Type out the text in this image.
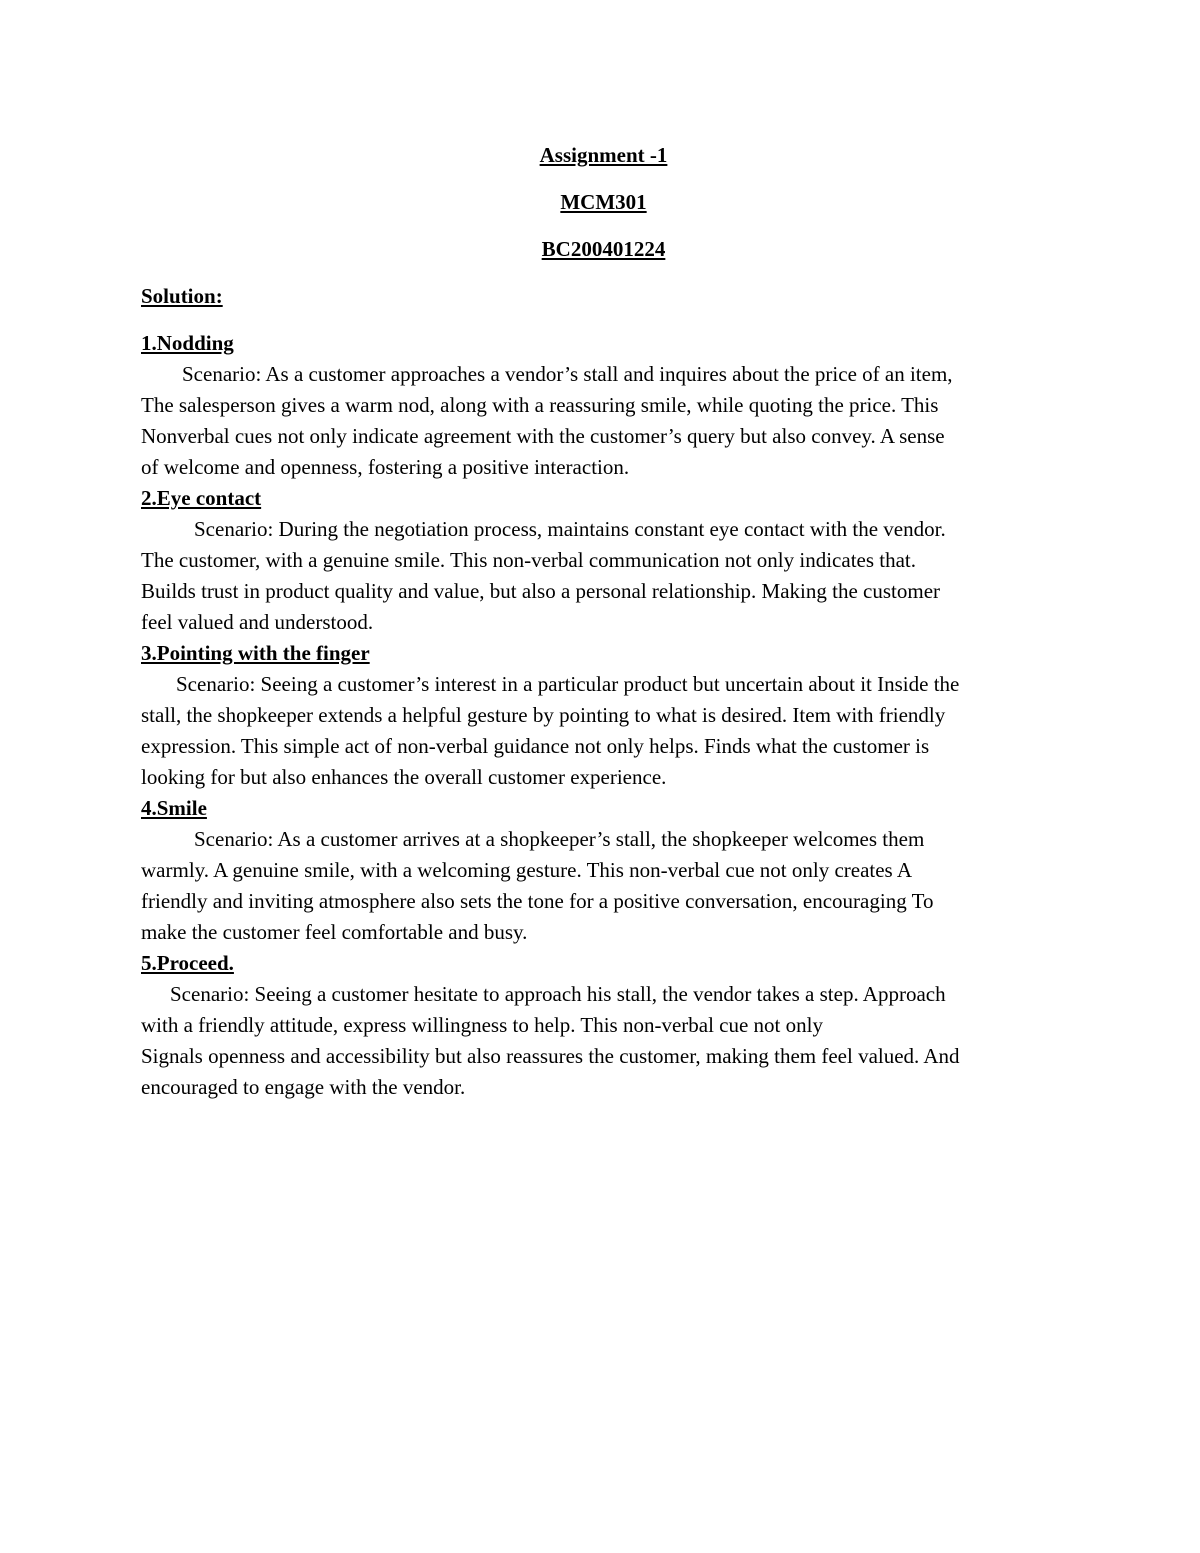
Assignment -1

MCM301

BC200401224

Solution:

1.Nodding

Scenario: As a customer approaches a vendor’s stall and inquires about the price of an item,

The salesperson gives a warm nod, along with a reassuring smile, while quoting the price. This

Nonverbal cues not only indicate agreement with the customer’s query but also convey. A sense

of welcome and openness, fostering a positive interaction.

2.Eye contact

Scenario: During the negotiation process, maintains constant eye contact with the vendor.

The customer, with a genuine smile. This non-verbal communication not only indicates that.

Builds trust in product quality and value, but also a personal relationship. Making the customer

feel valued and understood.

3.Pointing with the finger

Scenario: Seeing a customer’s interest in a particular product but uncertain about it Inside the

stall, the shopkeeper extends a helpful gesture by pointing to what is desired. Item with friendly

expression. This simple act of non-verbal guidance not only helps. Finds what the customer is

looking for but also enhances the overall customer experience.

4.Smile

Scenario: As a customer arrives at a shopkeeper’s stall, the shopkeeper welcomes them

warmly. A genuine smile, with a welcoming gesture. This non-verbal cue not only creates A

friendly and inviting atmosphere also sets the tone for a positive conversation, encouraging To

make the customer feel comfortable and busy.

5.Proceed.

Scenario: Seeing a customer hesitate to approach his stall, the vendor takes a step. Approach

with a friendly attitude, express willingness to help. This non-verbal cue not only

Signals openness and accessibility but also reassures the customer, making them feel valued. And

encouraged to engage with the vendor.
